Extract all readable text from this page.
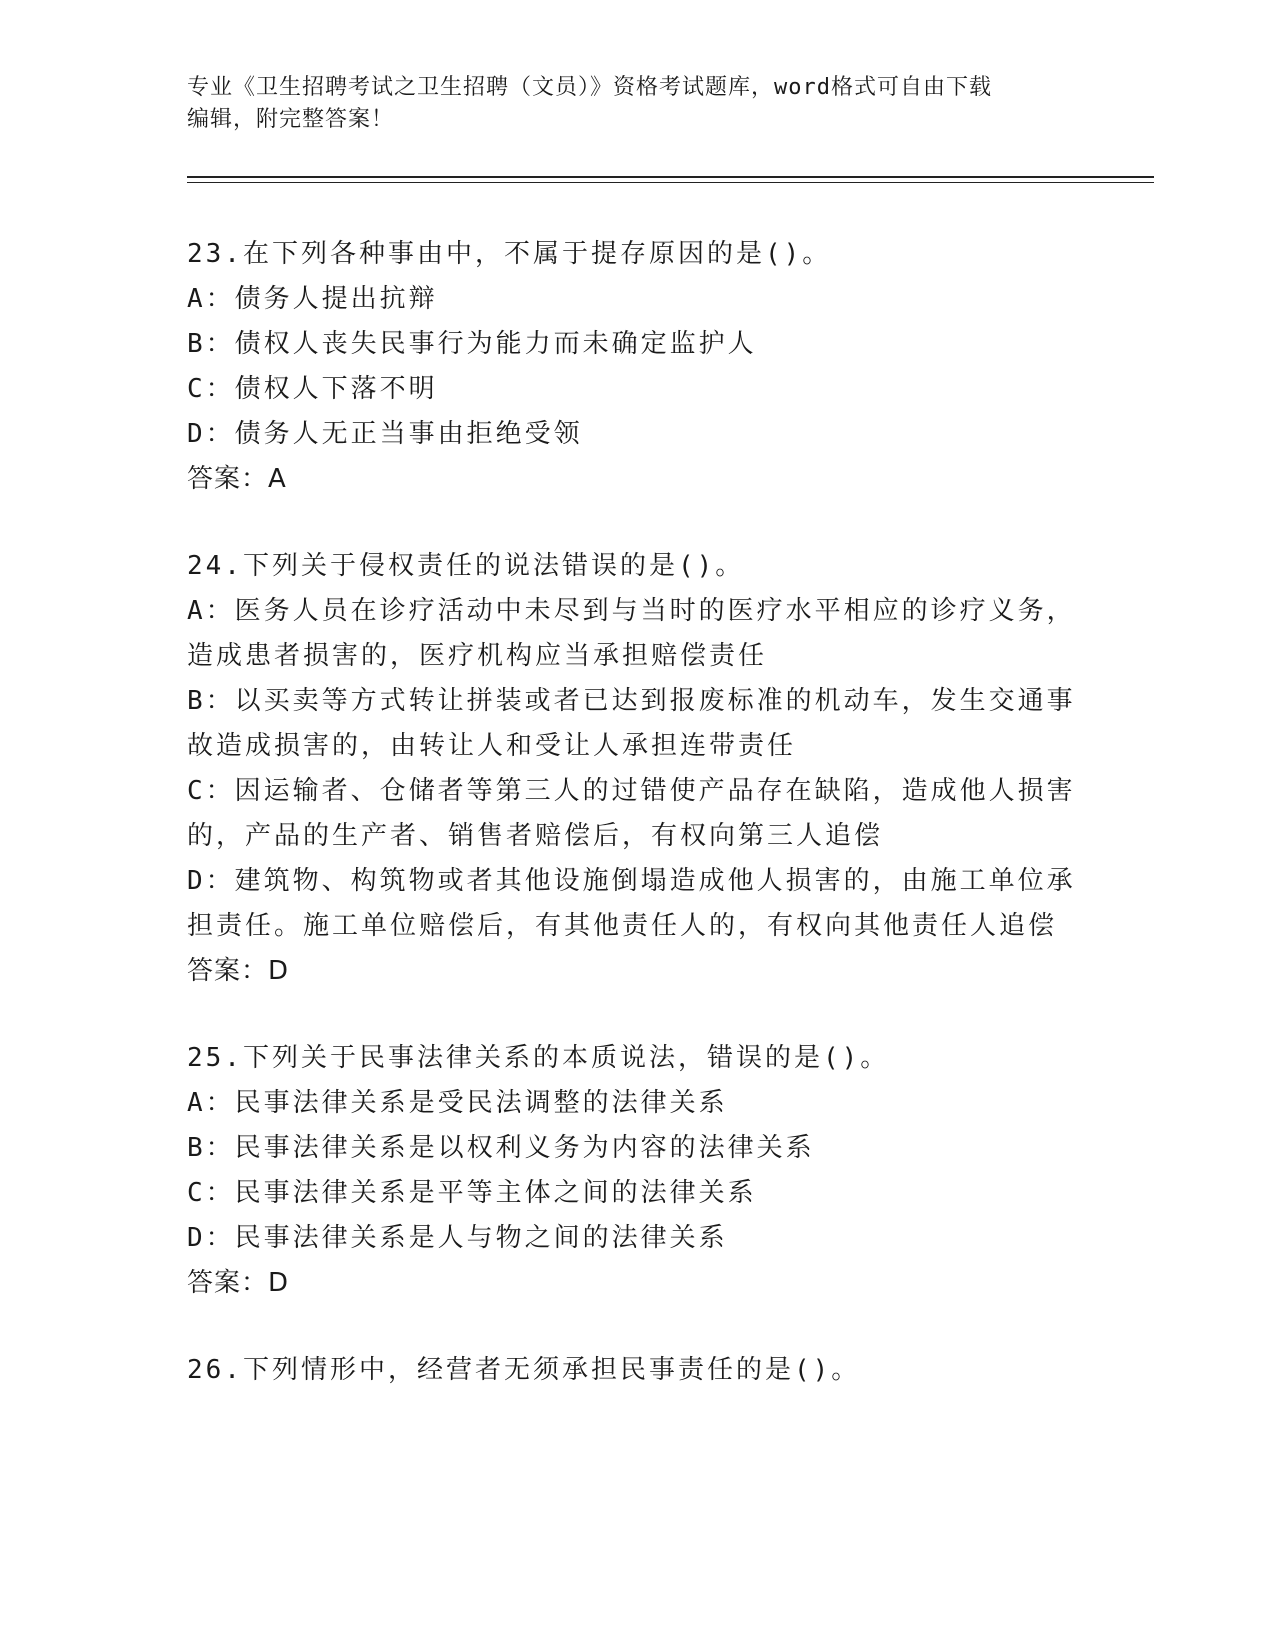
专业《卫生招聘考试之卫生招聘（文员）》资格考试题库，word格式可自由下载
编辑，附完整答案！
23.在下列各种事由中，不属于提存原因的是()。
A：债务人提出抗辩
B：债权人丧失民事行为能力而未确定监护人
C：债权人下落不明
D：债务人无正当事由拒绝受领
答案：A
24.下列关于侵权责任的说法错误的是()。
A：医务人员在诊疗活动中未尽到与当时的医疗水平相应的诊疗义务，
造成患者损害的，医疗机构应当承担赔偿责任
B：以买卖等方式转让拼装或者已达到报废标准的机动车，发生交通事
故造成损害的，由转让人和受让人承担连带责任
C：因运输者、仓储者等第三人的过错使产品存在缺陷，造成他人损害
的，产品的生产者、销售者赔偿后，有权向第三人追偿
D：建筑物、构筑物或者其他设施倒塌造成他人损害的，由施工单位承
担责任。施工单位赔偿后，有其他责任人的，有权向其他责任人追偿
答案：D
25.下列关于民事法律关系的本质说法，错误的是()。
A：民事法律关系是受民法调整的法律关系
B：民事法律关系是以权利义务为内容的法律关系
C：民事法律关系是平等主体之间的法律关系
D：民事法律关系是人与物之间的法律关系
答案：D
26.下列情形中，经营者无须承担民事责任的是()。
